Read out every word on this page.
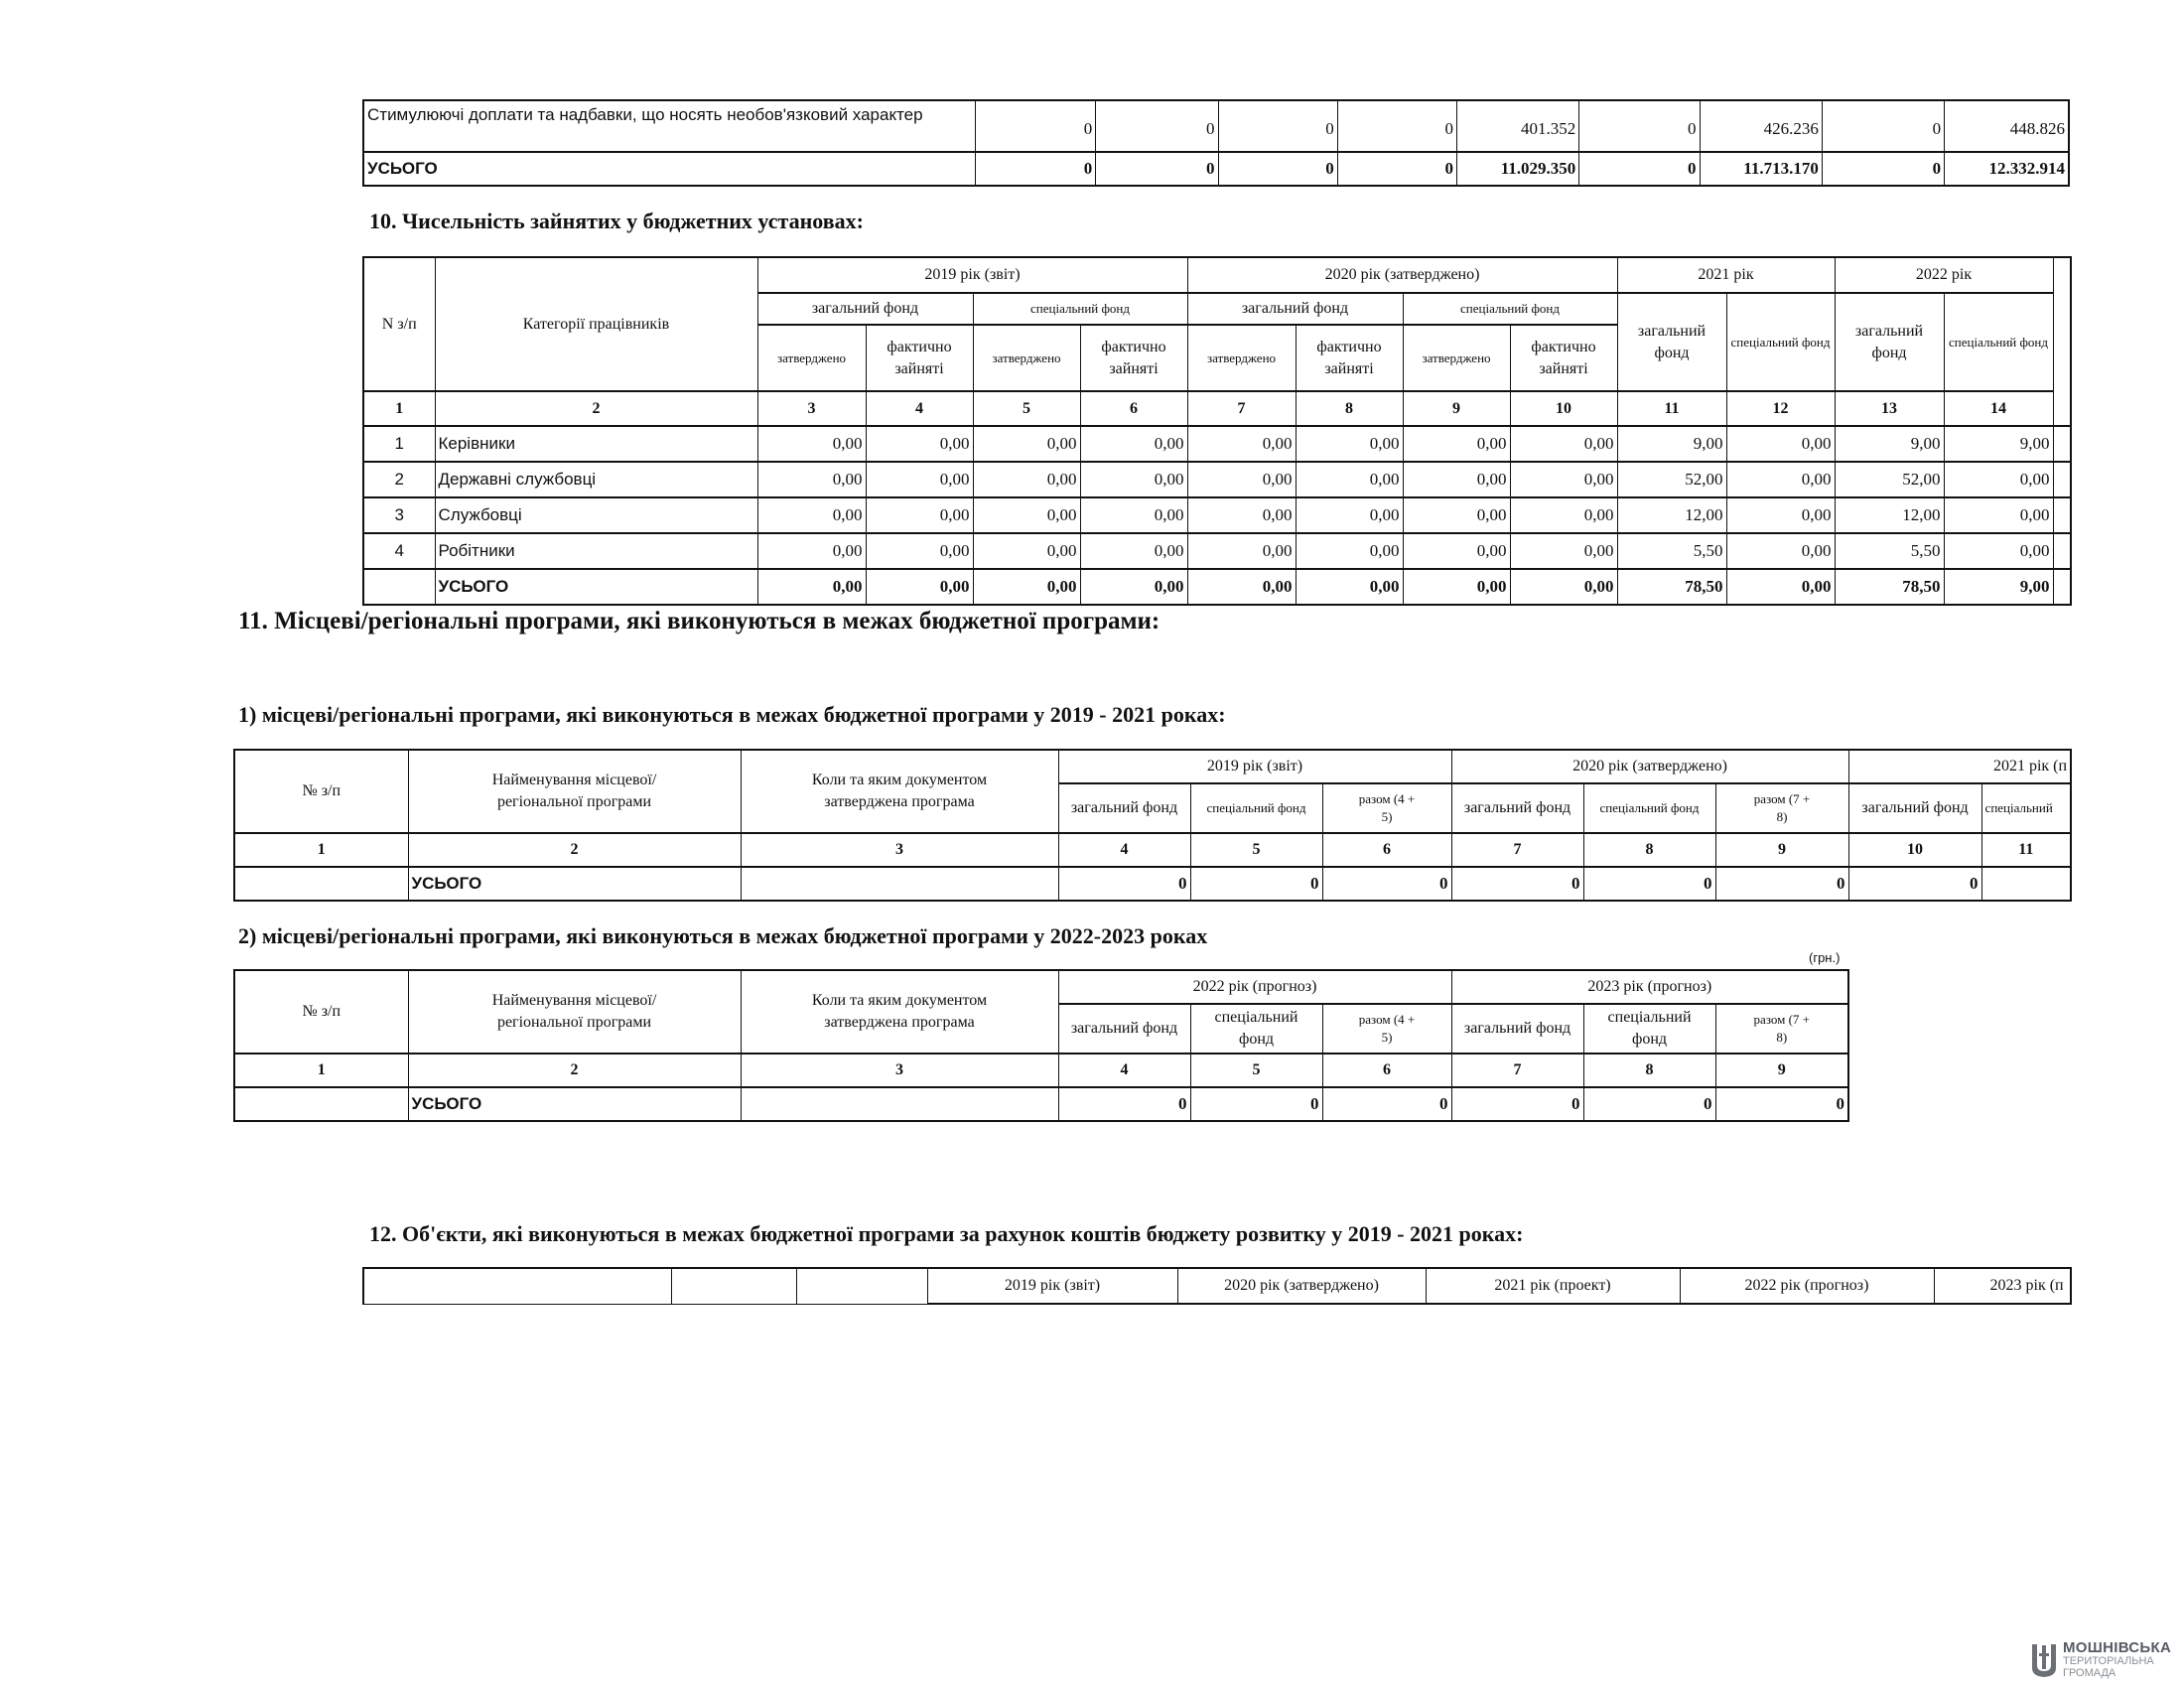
Стимулюючі доплати та надбавки, що носять необов'язковий характер	0	0	0	0	401.352	0	426.236	0	448.826
УСЬОГО	0	0	0	0	11.029.350	0	11.713.170	0	12.332.914
10. Чисельність зайнятих у бюджетних установах:
N з/п	Категорії працівників	2019 рік (звіт)				2020 рік (затверджено)				2021 рік		2022 рік		
		загальний фонд		спеціальний фонд		загальний фонд		спеціальний фонд		загальний фонд	спеціальний фонд	загальний фонд	спеціальний фонд	
		затверджено	фактично зайняті	затверджено	фактично зайняті	затверджено	фактично зайняті	затверджено	фактично зайняті					
1	2	3	4	5	6	7	8	9	10	11	12	13	14	
1	Керівники	0,00	0,00	0,00	0,00	0,00	0,00	0,00	0,00	9,00	0,00	9,00	9,00	
2	Державні службовці	0,00	0,00	0,00	0,00	0,00	0,00	0,00	0,00	52,00	0,00	52,00	0,00	
3	Службовці	0,00	0,00	0,00	0,00	0,00	0,00	0,00	0,00	12,00	0,00	12,00	0,00	
4	Робітники	0,00	0,00	0,00	0,00	0,00	0,00	0,00	0,00	5,50	0,00	5,50	0,00	
	УСЬОГО	0,00	0,00	0,00	0,00	0,00	0,00	0,00	0,00	78,50	0,00	78,50	9,00	
11. Місцеві/регіональні програми, які виконуються в межах бюджетної програми:
1) місцеві/регіональні програми, які виконуються в межах бюджетної програми у 2019 - 2021 роках:
№ з/п	Найменування місцевої/регіональної програми	Коли та яким документом затверджена програма	2019 рік (звіт)			2020 рік (затверджено)			2021 рік (п	
			загальний фонд	спеціальний фонд	разом (4 + 5)	загальний фонд	спеціальний фонд	разом (7 + 8)	загальний фонд	спеціальний
1	2	3	4	5	6	7	8	9	10	11
	УСЬОГО		0	0	0	0	0	0	0	
2) місцеві/регіональні програми, які виконуються в межах бюджетної програми у 2022-2023 роках
(грн.)
№ з/п	Найменування місцевої/регіональної програми	Коли та яким документом затверджена програма	2022 рік (прогноз)			2023 рік (прогноз)		
			загальний фонд	спеціальний фонд	разом (4 + 5)	загальний фонд	спеціальний фонд	разом (7 + 8)
1	2	3	4	5	6	7	8	9
	УСЬОГО		0	0	0	0	0	0
12. Об'єкти, які виконуються в межах бюджетної програми за рахунок коштів бюджету розвитку у 2019 - 2021 роках:
			2019 рік (звіт)	2020 рік (затверджено)	2021 рік (проект)	2022 рік (прогноз)	2023 рік (п
МОШНІВСЬКА
ТЕРИТОРІАЛЬНА
ГРОМАДА
